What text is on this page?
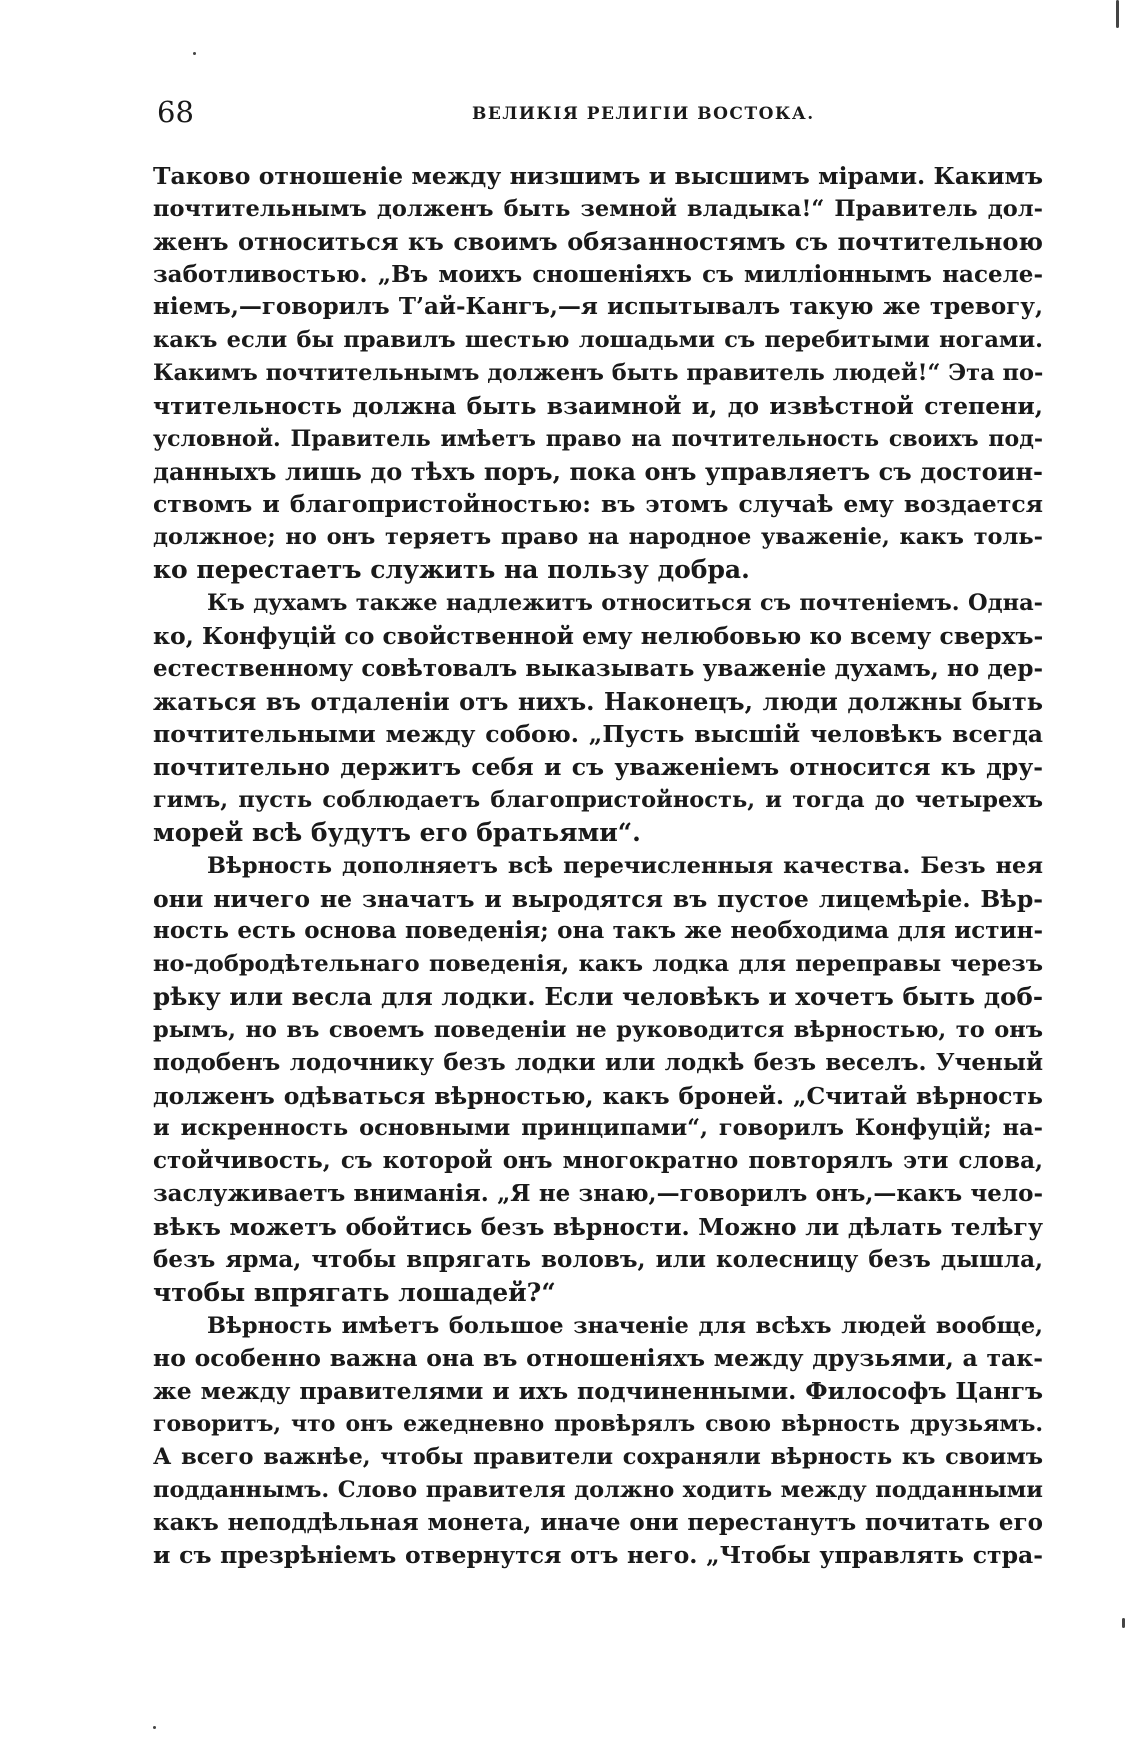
68	ВЕЛИКІЯ РЕЛИГІИ ВОСТОКА.
Таково отношеніе между низшимъ и высшимъ мірами. Какимъ
почтительнымъ долженъ быть земной владыка!“ Правитель дол-
женъ относиться къ своимъ обязанностямъ съ почтительною
заботливостью. „Въ моихъ сношеніяхъ съ милліоннымъ населе-
ніемъ,—говорилъ Т’ай-Кангъ,—я испытывалъ такую же тревогу,
какъ если бы правилъ шестью лошадьми съ перебитыми ногами.
Какимъ почтительнымъ долженъ быть правитель людей!“ Эта по-
чтительность должна быть взаимной и, до извѣстной степени,
условной. Правитель имѣетъ право на почтительность своихъ под-
данныхъ лишь до тѣхъ поръ, пока онъ управляетъ съ достоин-
ствомъ и благопристойностью: въ этомъ случаѣ ему воздается
должное; но онъ теряетъ право на народное уваженіе, какъ толь-
ко перестаетъ служить на пользу добра.
Къ духамъ также надлежитъ относиться съ почтеніемъ. Одна-
ко, Конфуцій со свойственной ему нелюбовью ко всему сверхъ-
естественному совѣтовалъ выказывать уваженіе духамъ, но дер-
жаться въ отдаленіи отъ нихъ. Наконецъ, люди должны быть
почтительными между собою. „Пусть высшій человѣкъ всегда
почтительно держитъ себя и съ уваженіемъ относится къ дру-
гимъ, пусть соблюдаетъ благопристойность, и тогда до четырехъ
морей всѣ будутъ его братьями“.
Вѣрность дополняетъ всѣ перечисленныя качества. Безъ нея
они ничего не значатъ и выродятся въ пустое лицемѣріе. Вѣр-
ность есть основа поведенія; она такъ же необходима для истин-
но-добродѣтельнаго поведенія, какъ лодка для переправы черезъ
рѣку или весла для лодки. Если человѣкъ и хочетъ быть доб-
рымъ, но въ своемъ поведеніи не руководится вѣрностью, то онъ
подобенъ лодочнику безъ лодки или лодкѣ безъ веселъ. Ученый
долженъ одѣваться вѣрностью, какъ броней. „Считай вѣрность
и искренность основными принципами“, говорилъ Конфуцій; на-
стойчивость, съ которой онъ многократно повторялъ эти слова,
заслуживаетъ вниманія. „Я не знаю,—говорилъ онъ,—какъ чело-
вѣкъ можетъ обойтись безъ вѣрности. Можно ли дѣлать телѣгу
безъ ярма, чтобы впрягать воловъ, или колесницу безъ дышла,
чтобы впрягать лошадей?“
Вѣрность имѣетъ большое значеніе для всѣхъ людей вообще,
но особенно важна она въ отношеніяхъ между друзьями, а так-
же между правителями и ихъ подчиненными. Философъ Цангъ
говоритъ, что онъ ежедневно провѣрялъ свою вѣрность друзьямъ.
А всего важнѣе, чтобы правители сохраняли вѣрность къ своимъ
подданнымъ. Слово правителя должно ходить между подданными
какъ неподдѣльная монета, иначе они перестанутъ почитать его
и съ презрѣніемъ отвернутся отъ него. „Чтобы управлять стра-
